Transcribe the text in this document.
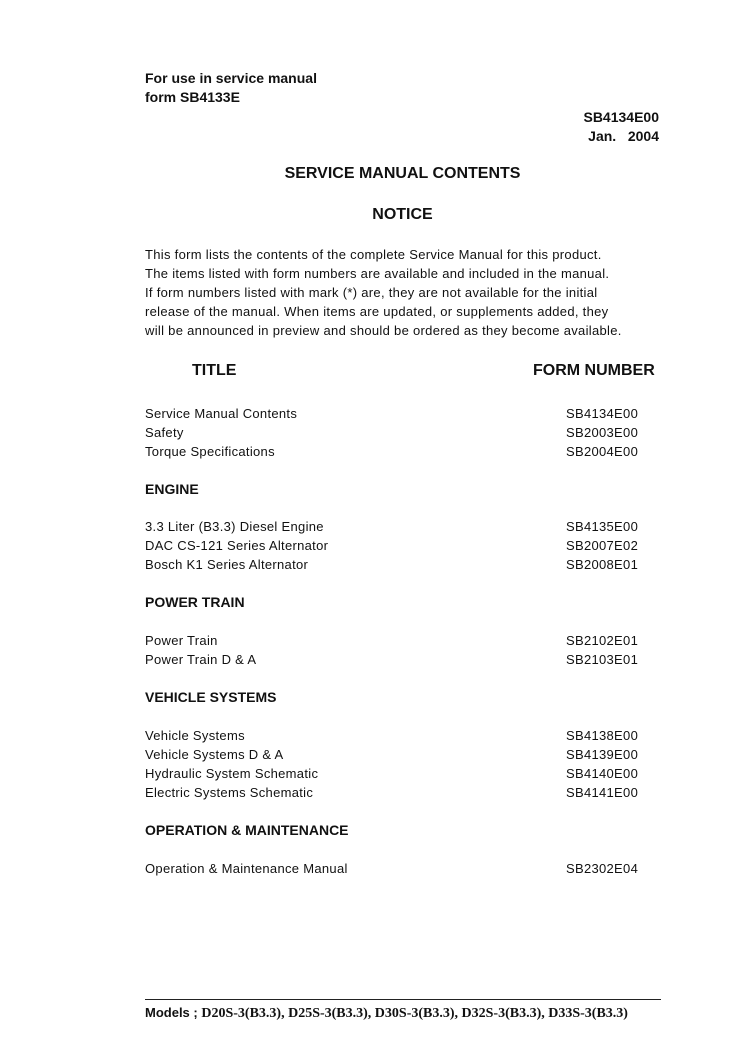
For use in service manual
form SB4133E
SB4134E00
Jan.   2004
SERVICE MANUAL CONTENTS
NOTICE
This form lists the contents of the complete Service Manual for this product.
The items listed with form numbers are available and included in the manual.
If form numbers listed with mark (*) are, they are not available for the initial
release of the manual. When items are updated, or supplements added, they
will be announced in preview and should be ordered as they become available.
TITLE	FORM NUMBER
Service Manual Contents	SB4134E00
Safety	SB2003E00
Torque Specifications	SB2004E00
ENGINE
3.3 Liter (B3.3) Diesel Engine	SB4135E00
DAC CS-121 Series Alternator	SB2007E02
Bosch K1 Series Alternator	SB2008E01
POWER TRAIN
Power Train	SB2102E01
Power Train D & A	SB2103E01
VEHICLE SYSTEMS
Vehicle Systems	SB4138E00
Vehicle Systems D & A	SB4139E00
Hydraulic System Schematic	SB4140E00
Electric Systems Schematic	SB4141E00
OPERATION & MAINTENANCE
Operation & Maintenance Manual	SB2302E04
Models ; D20S-3(B3.3), D25S-3(B3.3), D30S-3(B3.3), D32S-3(B3.3), D33S-3(B3.3)
